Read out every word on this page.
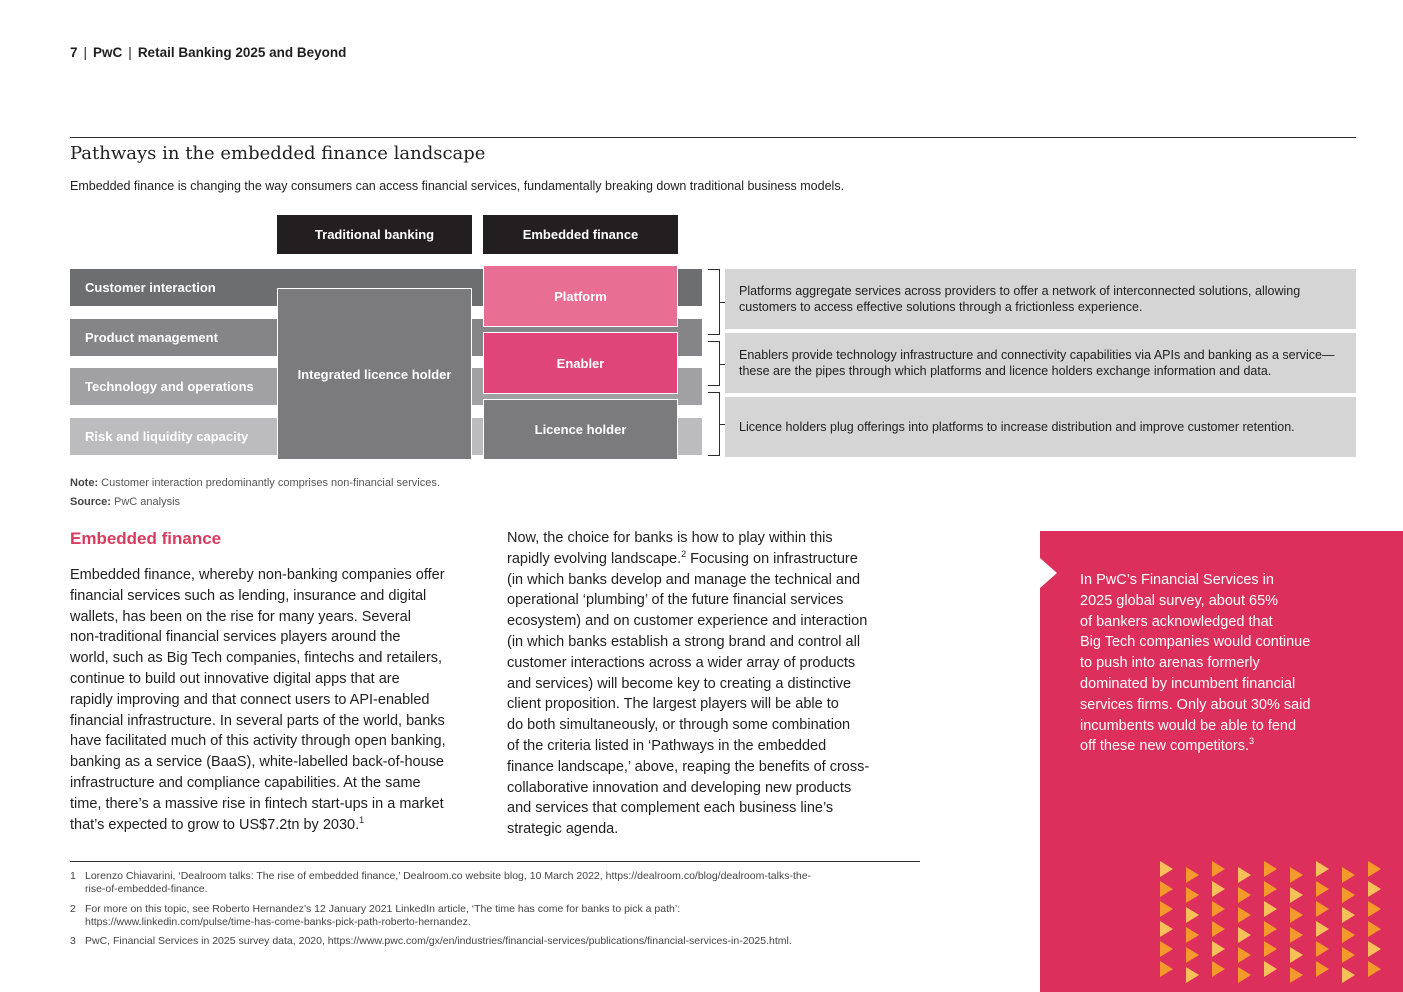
7 | PwC | Retail Banking 2025 and Beyond
Pathways in the embedded finance landscape
Embedded finance is changing the way consumers can access financial services, fundamentally breaking down traditional business models.
Traditional banking	Embedded finance
Customer interaction
Product management
Technology and operations
Risk and liquidity capacity
Integrated licence holder
Platform
Enabler
Licence holder
Platforms aggregate services across providers to offer a network of interconnected solutions, allowing customers to access effective solutions through a frictionless experience.
Enablers provide technology infrastructure and connectivity capabilities via APIs and banking as a service— these are the pipes through which platforms and licence holders exchange information and data.
Licence holders plug offerings into platforms to increase distribution and improve customer retention.
Note: Customer interaction predominantly comprises non-financial services.
Source: PwC analysis
Embedded finance
Embedded finance, whereby non-banking companies offer
financial services such as lending, insurance and digital
wallets, has been on the rise for many years. Several
non-traditional financial services players around the
world, such as Big Tech companies, fintechs and retailers,
continue to build out innovative digital apps that are
rapidly improving and that connect users to API-enabled
financial infrastructure. In several parts of the world, banks
have facilitated much of this activity through open banking,
banking as a service (BaaS), white-labelled back-of-house
infrastructure and compliance capabilities. At the same
time, there’s a massive rise in fintech start-ups in a market
that’s expected to grow to US$7.2tn by 2030.$^1$
Now, the choice for banks is how to play within this
rapidly evolving landscape.$^2$ Focusing on infrastructure
(in which banks develop and manage the technical and
operational ‘plumbing’ of the future financial services
ecosystem) and on customer experience and interaction
(in which banks establish a strong brand and control all
customer interactions across a wider array of products
and services) will become key to creating a distinctive
client proposition. The largest players will be able to
do both simultaneously, or through some combination
of the criteria listed in ‘Pathways in the embedded
finance landscape,’ above, reaping the benefits of cross-
collaborative innovation and developing new products
and services that complement each business line’s
strategic agenda.
1 Lorenzo Chiavarini, ‘Dealroom talks: The rise of embedded finance,’ Dealroom.co website blog, 10 March 2022, https://dealroom.co/blog/dealroom-talks-the-
rise-of-embedded-finance.
2 For more on this topic, see Roberto Hernandez’s 12 January 2021 LinkedIn article, ‘The time has come for banks to pick a path’:
https://www.linkedin.com/pulse/time-has-come-banks-pick-path-roberto-hernandez.
3 PwC, Financial Services in 2025 survey data, 2020, https://www.pwc.com/gx/en/industries/financial-services/publications/financial-services-in-2025.html.
In PwC’s Financial Services in
2025 global survey, about 65%
of bankers acknowledged that
Big Tech companies would continue
to push into arenas formerly
dominated by incumbent financial
services firms. Only about 30% said
incumbents would be able to fend
off these new competitors.$^3$
